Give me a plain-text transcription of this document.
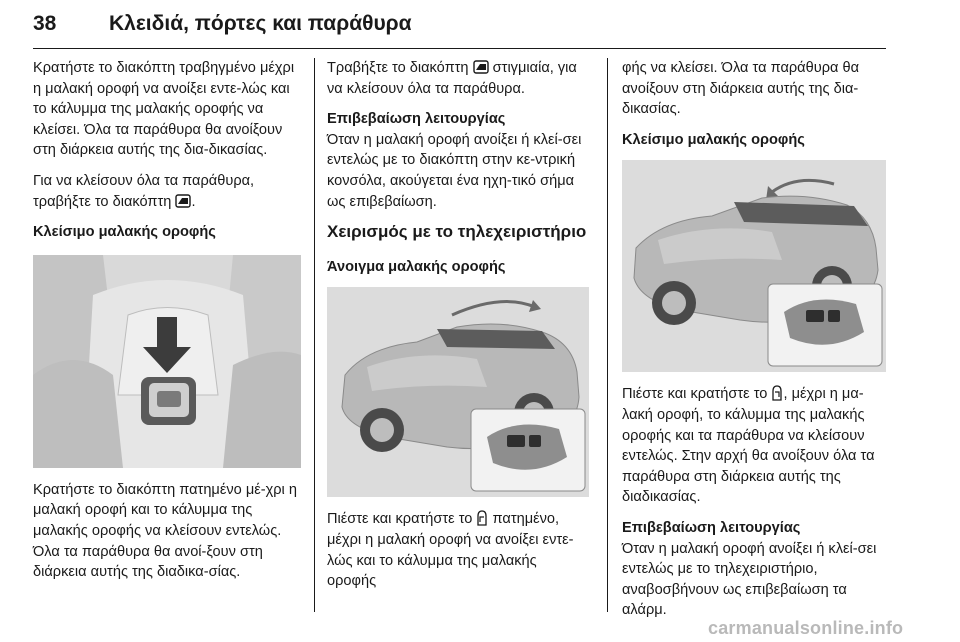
38	Κλειδιά, πόρτες και παράθυρα

Κρατήστε το διακόπτη τραβηγμένο μέχρι η μαλακή οροφή να ανοίξει εντε-λώς και το κάλυμμα της μαλακής οροφής να κλείσει. Όλα τα παράθυρα θα ανοίξουν στη διάρκεια αυτής της δια-δικασίας.

Για να κλείσουν όλα τα παράθυρα, τραβήξτε το διακόπτη .

Κλείσιμο μαλακής οροφής

Κρατήστε το διακόπτη πατημένο μέ-χρι η μαλακή οροφή και το κάλυμμα της μαλακής οροφής να κλείσουν εντελώς. Όλα τα παράθυρα θα ανοί-ξουν στη διάρκεια αυτής της διαδικα-σίας.

Τραβήξτε το διακόπτη στιγμιαία, για να κλείσουν όλα τα παράθυρα.

Επιβεβαίωση λειτουργίας
Όταν η μαλακή οροφή ανοίξει ή κλεί-σει εντελώς με το διακόπτη στην κε-ντρική κονσόλα, ακούγεται ένα ηχη-τικό σήμα ως επιβεβαίωση.

Χειρισμός με το τηλεχειριστήριο

Άνοιγμα μαλακής οροφής

Πιέστε και κρατήστε το πατημένο, μέχρι η μαλακή οροφή να ανοίξει εντε-λώς και το κάλυμμα της μαλακής οροφής

φής να κλείσει. Όλα τα παράθυρα θα ανοίξουν στη διάρκεια αυτής της δια-δικασίας.

Κλείσιμο μαλακής οροφής

Πιέστε και κρατήστε το , μέχρι η μα-λακή οροφή, το κάλυμμα της μαλακής οροφής και τα παράθυρα να κλείσουν εντελώς. Στην αρχή θα ανοίξουν όλα τα παράθυρα στη διάρκεια αυτής της διαδικασίας.

Επιβεβαίωση λειτουργίας
Όταν η μαλακή οροφή ανοίξει ή κλεί-σει εντελώς με το τηλεχειριστήριο, αναβοσβήνουν ως επιβεβαίωση τα αλάρμ.

carmanualsonline.info
